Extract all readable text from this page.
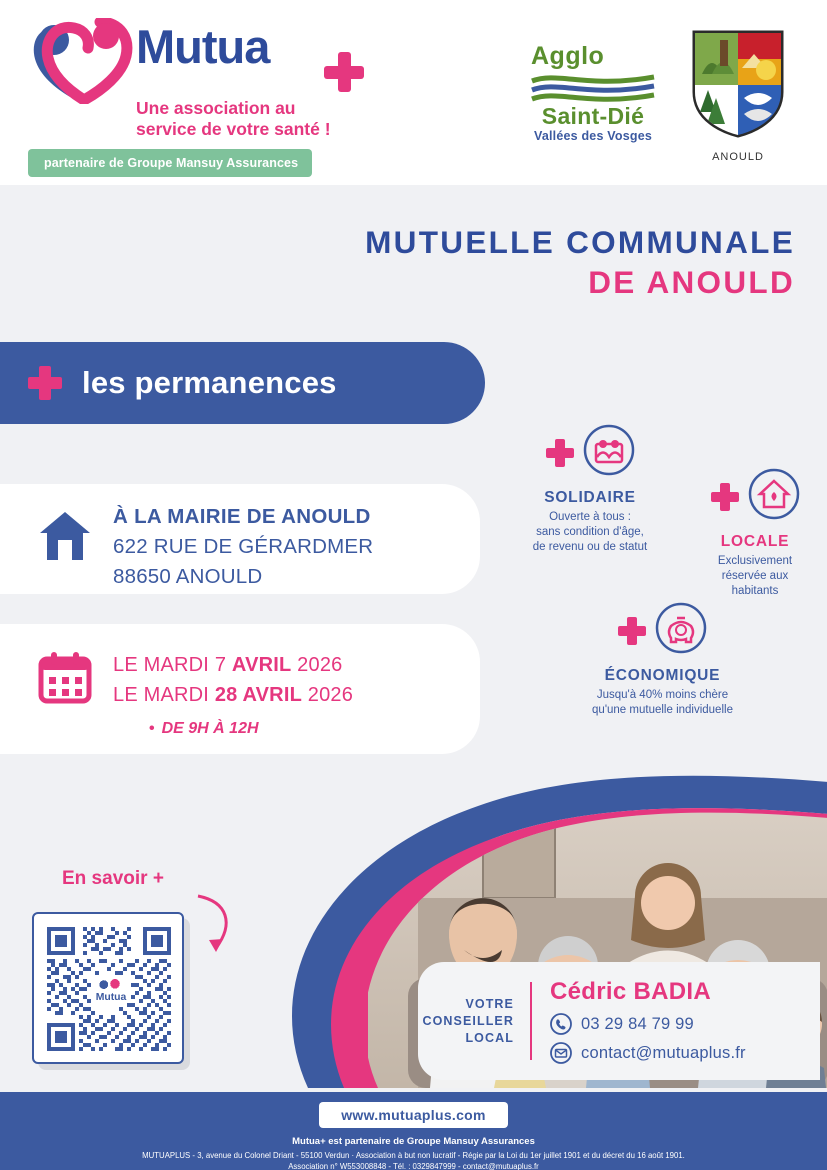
Mutua
Une association au
service de votre santé !
partenaire de Groupe Mansuy Assurances
Agglo
Saint-Dié
Vallées des Vosges
ANOULD
MUTUELLE COMMUNALE
DE ANOULD
les permanences
À LA MAIRIE DE ANOULD
622 RUE DE GÉRARDMER
88650 ANOULD
LE MARDI 7 AVRIL 2026
LE MARDI 28 AVRIL 2026
• DE 9H À 12H
SOLIDAIRE
Ouverte à tous :
sans condition d'âge,
de revenu ou de statut	LOCALE
Exclusivement
réservée aux
habitants
ÉCONOMIQUE
Jusqu'à 40% moins chère
qu'une mutuelle individuelle
En savoir +
Mutua	VOTRE
CONSEILLER
LOCAL
Cédric BADIA
03 29 84 79 99
contact@mutuaplus.fr
www.mutuaplus.com
Mutua+ est partenaire de Groupe Mansuy Assurances
MUTUAPLUS - 3, avenue du Colonel Driant - 55100 Verdun · Association à but non lucratif - Régie par la Loi du 1er juillet 1901 et du décret du 16 août 1901.
Association n° W553008848 - Tél. : 0329847999 - contact@mutuaplus.fr
